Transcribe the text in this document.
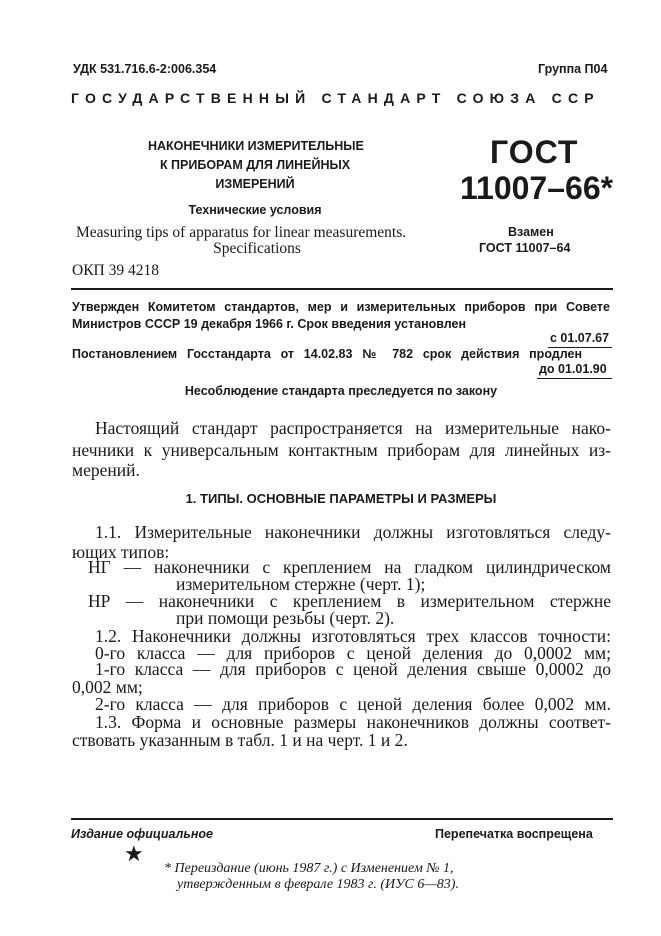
УДК 531.716.6-2:006.354	Группа П04
ГОСУДАРСТВЕННЫЙ СТАНДАРТ СОЮЗА ССР
НАКОНЕЧНИКИ ИЗМЕРИТЕЛЬНЫЕ
К ПРИБОРАМ ДЛЯ ЛИНЕЙНЫХ
ИЗМЕРЕНИЙ
Технические условия
Measuring tips of apparatus for linear measurements.
Specifications
ОКП 39 4218
ГОСТ
11007–66*
Взамен
ГОСТ 11007–64
Утвержден Комитетом стандартов, мер и измерительных приборов при Совете
Министров СССР 19 декабря 1966 г. Срок введения установлен
с 01.07.67
Постановлением Госстандарта от 14.02.83 № 782 срок действия продлен
до 01.01.90
Несоблюдение стандарта преследуется по закону
Настоящий стандарт распространяется на измерительные нако-
нечники к универсальным контактным приборам для линейных из-
мерений.
1. ТИПЫ. ОСНОВНЫЕ ПАРАМЕТРЫ И РАЗМЕРЫ
1.1. Измерительные наконечники должны изготовляться следу-
ющих типов:
НГ — наконечники с креплением на гладком цилиндрическом
измерительном стержне (черт. 1);
НР — наконечники с креплением в измерительном стержне
при помощи резьбы (черт. 2).
1.2. Наконечники должны изготовляться трех классов точности:
0-го класса — для приборов с ценой деления до 0,0002 мм;
1-го класса — для приборов с ценой деления свыше 0,0002 до
0,002 мм;
2-го класса — для приборов с ценой деления более 0,002 мм.
1.3. Форма и основные размеры наконечников должны соответ-
ствовать указанным в табл. 1 и на черт. 1 и 2.
Издание официальное	Перепечатка воспрещена
★
* Переиздание (июнь 1987 г.) с Изменением № 1,
утвержденным в феврале 1983 г. (ИУС 6—83).
